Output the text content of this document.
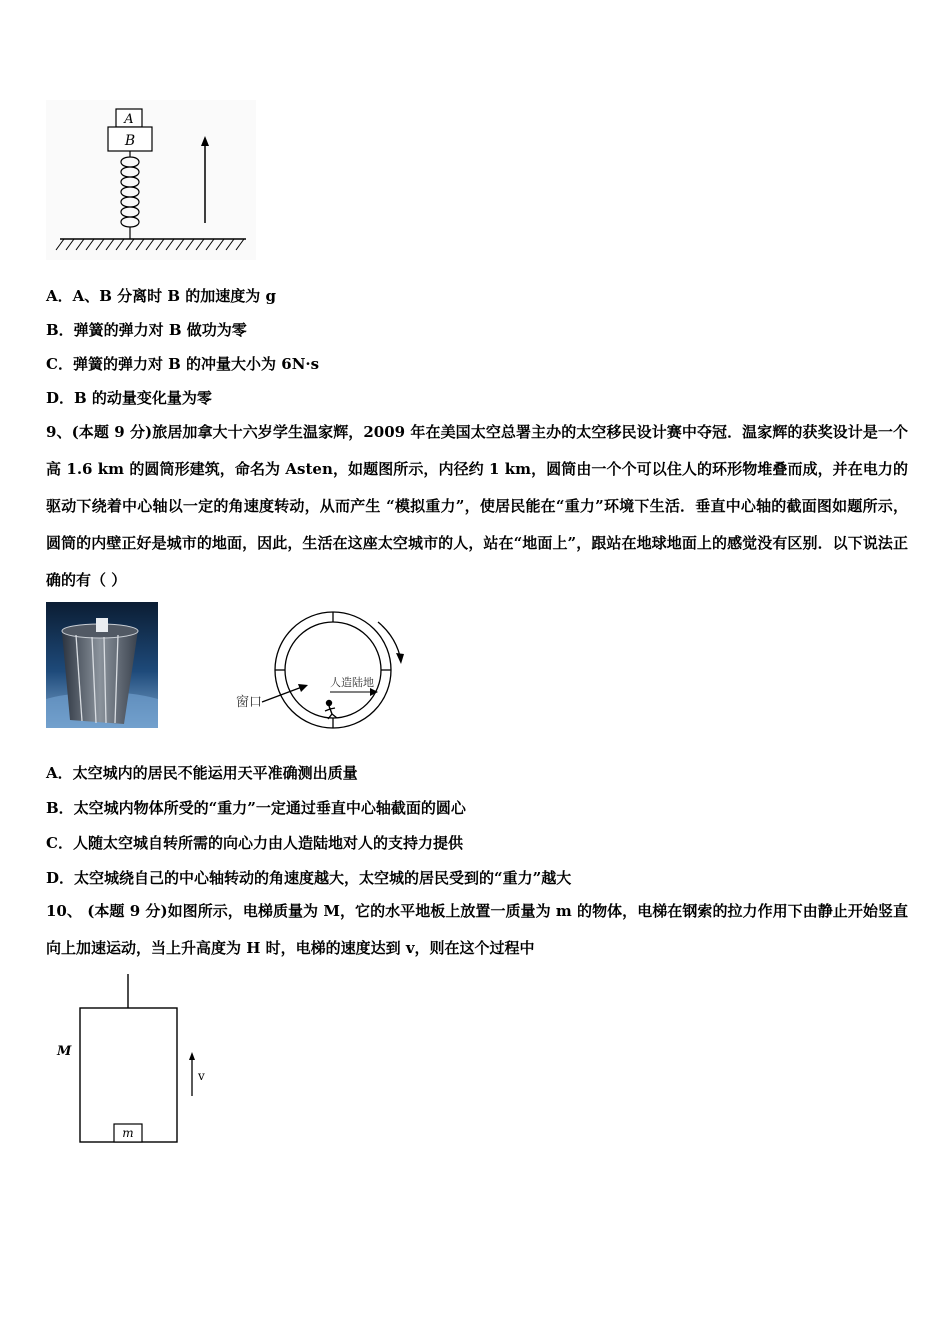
A
B
A．A、B 分离时 B 的加速度为 g
B．弹簧的弹力对 B 做功为零
C．弹簧的弹力对 B 的冲量大小为 6N·s
D．B 的动量变化量为零
9、(本题 9 分)旅居加拿大十六岁学生温家辉，2009 年在美国太空总署主办的太空移民设计赛中夺冠．温家辉的获奖设计是一个高 1.6 km 的圆筒形建筑，命名为 Asten，如题图所示，内径约 1 km，圆筒由一个个可以住人的环形物堆叠而成，并在电力的驱动下绕着中心轴以一定的角速度转动，从而产生 “模拟重力”，使居民能在“重力”环境下生活．垂直中心轴的截面图如题所示，圆筒的内壁正好是城市的地面，因此，生活在这座太空城市的人，站在“地面上”，跟站在地球地面上的感觉没有区别．以下说法正确的有（ ）
窗口
人造陆地
A．太空城内的居民不能运用天平准确测出质量
B．太空城内物体所受的“重力”一定通过垂直中心轴截面的圆心
C．人随太空城自转所需的向心力由人造陆地对人的支持力提供
D．太空城绕自己的中心轴转动的角速度越大，太空城的居民受到的“重力”越大
10、 (本题 9 分)如图所示，电梯质量为 M，它的水平地板上放置一质量为 m 的物体，电梯在钢索的拉力作用下由静止开始竖直向上加速运动，当上升高度为 H 时，电梯的速度达到 v，则在这个过程中
M
m
v
